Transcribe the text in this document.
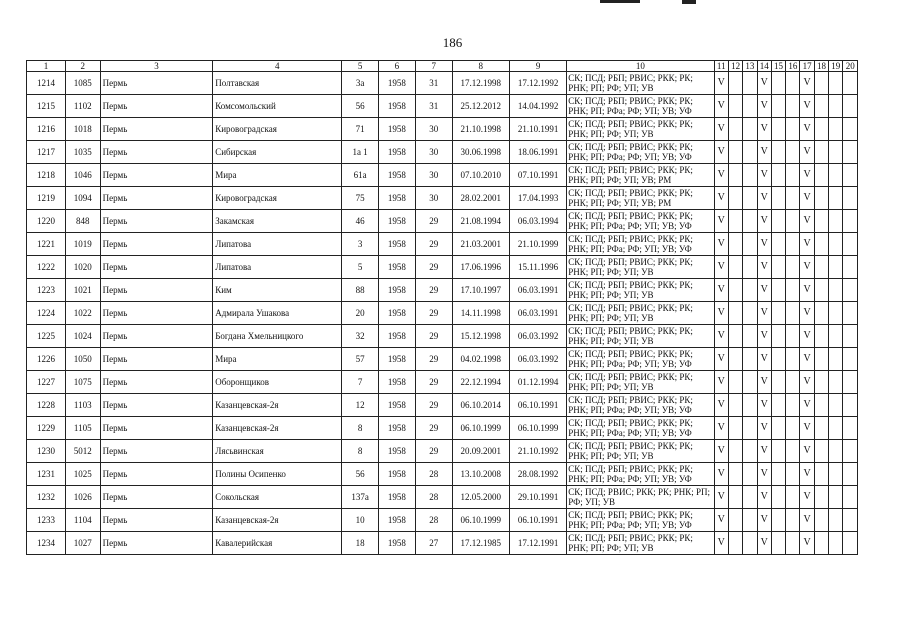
186
1	2	3	4	5	6	7	8	9	10	11	12	13	14	15	16	17	18	19	20
1214	1085	Пермь	Полтавская	3а	1958	31	17.12.1998	17.12.1992	СК; ПСД; РБП; РВИС; РКК; РК; РНК; РП; РФ; УП; УВ	V			V			V			
1215	1102	Пермь	Комсомольский	56	1958	31	25.12.2012	14.04.1992	СК; ПСД; РБП; РВИС; РКК; РК; РНК; РП; РФа; РФ; УП; УВ; УФ	V			V			V			
1216	1018	Пермь	Кировоградская	71	1958	30	21.10.1998	21.10.1991	СК; ПСД; РБП; РВИС; РКК; РК; РНК; РП; РФ; УП; УВ	V			V			V			
1217	1035	Пермь	Сибирская	1а 1	1958	30	30.06.1998	18.06.1991	СК; ПСД; РБП; РВИС; РКК; РК; РНК; РП; РФа; РФ; УП; УВ; УФ	V			V			V			
1218	1046	Пермь	Мира	61а	1958	30	07.10.2010	07.10.1991	СК; ПСД; РБП; РВИС; РКК; РК; РНК; РП; РФ; УП; УВ; РМ	V			V			V			
1219	1094	Пермь	Кировоградская	75	1958	30	28.02.2001	17.04.1993	СК; ПСД; РБП; РВИС; РКК; РК; РНК; РП; РФ; УП; УВ; РМ	V			V			V			
1220	848	Пермь	Закамская	46	1958	29	21.08.1994	06.03.1994	СК; ПСД; РБП; РВИС; РКК; РК; РНК; РП; РФа; РФ; УП; УВ; УФ	V			V			V			
1221	1019	Пермь	Липатова	3	1958	29	21.03.2001	21.10.1999	СК; ПСД; РБП; РВИС; РКК; РК; РНК; РП; РФа; РФ; УП; УВ; УФ	V			V			V			
1222	1020	Пермь	Липатова	5	1958	29	17.06.1996	15.11.1996	СК; ПСД; РБП; РВИС; РКК; РК; РНК; РП; РФ; УП; УВ	V			V			V			
1223	1021	Пермь	Ким	88	1958	29	17.10.1997	06.03.1991	СК; ПСД; РБП; РВИС; РКК; РК; РНК; РП; РФ; УП; УВ	V			V			V			
1224	1022	Пермь	Адмирала Ушакова	20	1958	29	14.11.1998	06.03.1991	СК; ПСД; РБП; РВИС; РКК; РК; РНК; РП; РФ; УП; УВ	V			V			V			
1225	1024	Пермь	Богдана Хмельницкого	32	1958	29	15.12.1998	06.03.1992	СК; ПСД; РБП; РВИС; РКК; РК; РНК; РП; РФ; УП; УВ	V			V			V			
1226	1050	Пермь	Мира	57	1958	29	04.02.1998	06.03.1992	СК; ПСД; РБП; РВИС; РКК; РК; РНК; РП; РФа; РФ; УП; УВ; УФ	V			V			V			
1227	1075	Пермь	Оборонщиков	7	1958	29	22.12.1994	01.12.1994	СК; ПСД; РБП; РВИС; РКК; РК; РНК; РП; РФ; УП; УВ	V			V			V			
1228	1103	Пермь	Казанцевская-2я	12	1958	29	06.10.2014	06.10.1991	СК; ПСД; РБП; РВИС; РКК; РК; РНК; РП; РФа; РФ; УП; УВ; УФ	V			V			V			
1229	1105	Пермь	Казанцевская-2я	8	1958	29	06.10.1999	06.10.1999	СК; ПСД; РБП; РВИС; РКК; РК; РНК; РП; РФа; РФ; УП; УВ; УФ	V			V			V			
1230	5012	Пермь	Лясьвинская	8	1958	29	20.09.2001	21.10.1992	СК; ПСД; РБП; РВИС; РКК; РК; РНК; РП; РФ; УП; УВ	V			V			V			
1231	1025	Пермь	Полины Осипенко	56	1958	28	13.10.2008	28.08.1992	СК; ПСД; РБП; РВИС; РКК; РК; РНК; РП; РФа; РФ; УП; УВ; УФ	V			V			V			
1232	1026	Пермь	Сокольская	137а	1958	28	12.05.2000	29.10.1991	СК; ПСД; РВИС; РКК; РК; РНК; РП; РФ; УП; УВ	V			V			V			
1233	1104	Пермь	Казанцевская-2я	10	1958	28	06.10.1999	06.10.1991	СК; ПСД; РБП; РВИС; РКК; РК; РНК; РП; РФа; РФ; УП; УВ; УФ	V			V			V			
1234	1027	Пермь	Кавалерийская	18	1958	27	17.12.1985	17.12.1991	СК; ПСД; РБП; РВИС; РКК; РК; РНК; РП; РФ; УП; УВ	V			V			V			
